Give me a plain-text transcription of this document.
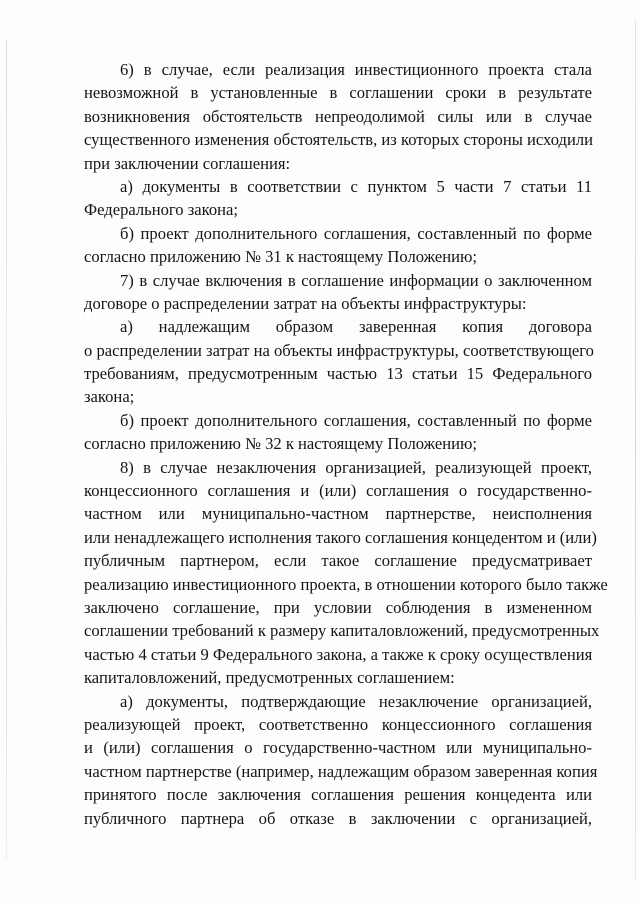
6) в случае, если реализация инвестиционного проекта стала
невозможной в установленные в соглашении сроки в результате
возникновения обстоятельств непреодолимой силы или в случае
существенного изменения обстоятельств, из которых стороны исходили
при заключении соглашения:
а) документы в соответствии с пунктом 5 части 7 статьи 11
Федерального закона;
б) проект дополнительного соглашения, составленный по форме
согласно приложению № 31 к настоящему Положению;
7) в случае включения в соглашение информации о заключенном
договоре о распределении затрат на объекты инфраструктуры:
а) надлежащим образом заверенная копия договора
о распределении затрат на объекты инфраструктуры, соответствующего
требованиям, предусмотренным частью 13 статьи 15 Федерального
закона;
б) проект дополнительного соглашения, составленный по форме
согласно приложению № 32 к настоящему Положению;
8) в случае незаключения организацией, реализующей проект,
концессионного соглашения и (или) соглашения о государственно-
частном или муниципально-частном партнерстве, неисполнения
или ненадлежащего исполнения такого соглашения концедентом и (или)
публичным партнером, если такое соглашение предусматривает
реализацию инвестиционного проекта, в отношении которого было также
заключено соглашение, при условии соблюдения в измененном
соглашении требований к размеру капиталовложений, предусмотренных
частью 4 статьи 9 Федерального закона, а также к сроку осуществления
капиталовложений, предусмотренных соглашением:
а) документы, подтверждающие незаключение организацией,
реализующей проект, соответственно концессионного соглашения
и (или) соглашения о государственно-частном или муниципально-
частном партнерстве (например, надлежащим образом заверенная копия
принятого после заключения соглашения решения концедента или
публичного партнера об отказе в заключении с организацией,
